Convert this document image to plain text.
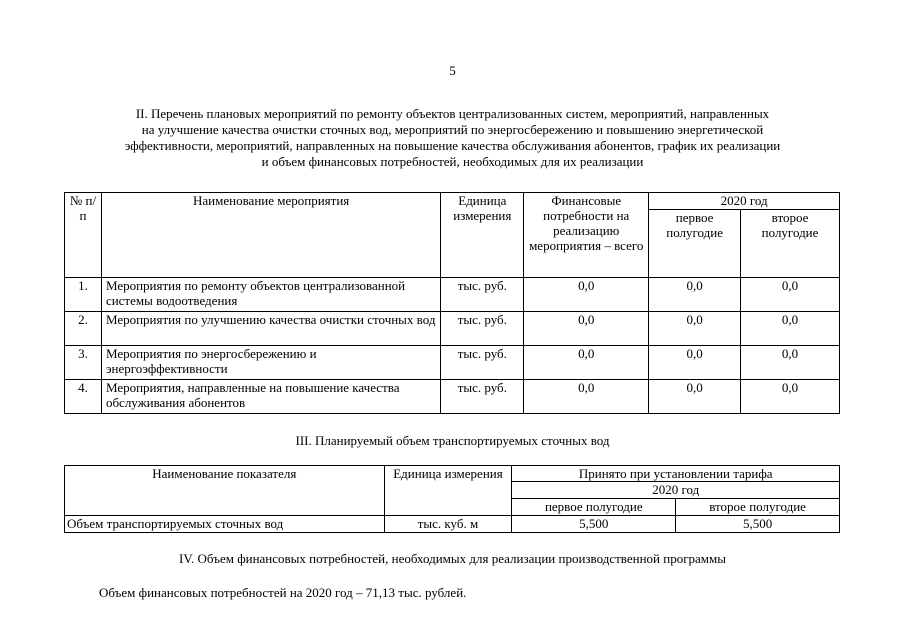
5
II. Перечень плановых мероприятий по ремонту объектов централизованных систем, мероприятий, направленных
на улучшение качества очистки сточных вод, мероприятий по энергосбережению и повышению энергетической
эффективности, мероприятий, направленных на повышение качества обслуживания абонентов, график их реализации
и объем финансовых потребностей, необходимых для их реализации
№ п/п	Наименование мероприятия	Единица измерения	Финансовые потребности на реализацию мероприятия – всего	2020 год	
				первое полугодие	второе полугодие
1.	Мероприятия по ремонту объектов централизованной системы водоотведения	тыс. руб.	0,0	0,0	0,0
2.	Мероприятия по улучшению качества очистки сточных вод	тыс. руб.	0,0	0,0	0,0
3.	Мероприятия по энергосбережению и энергоэффективности	тыс. руб.	0,0	0,0	0,0
4.	Мероприятия, направленные на повышение качества обслуживания абонентов	тыс. руб.	0,0	0,0	0,0
III. Планируемый объем транспортируемых сточных вод
Наименование показателя	Единица измерения	Принято при установлении тарифа	
		2020 год	
		первое полугодие	второе полугодие
Объем транспортируемых сточных вод	тыс. куб. м	5,500	5,500
IV. Объем финансовых потребностей, необходимых для реализации производственной программы
Объем финансовых потребностей на 2020 год – 71,13 тыс. рублей.
